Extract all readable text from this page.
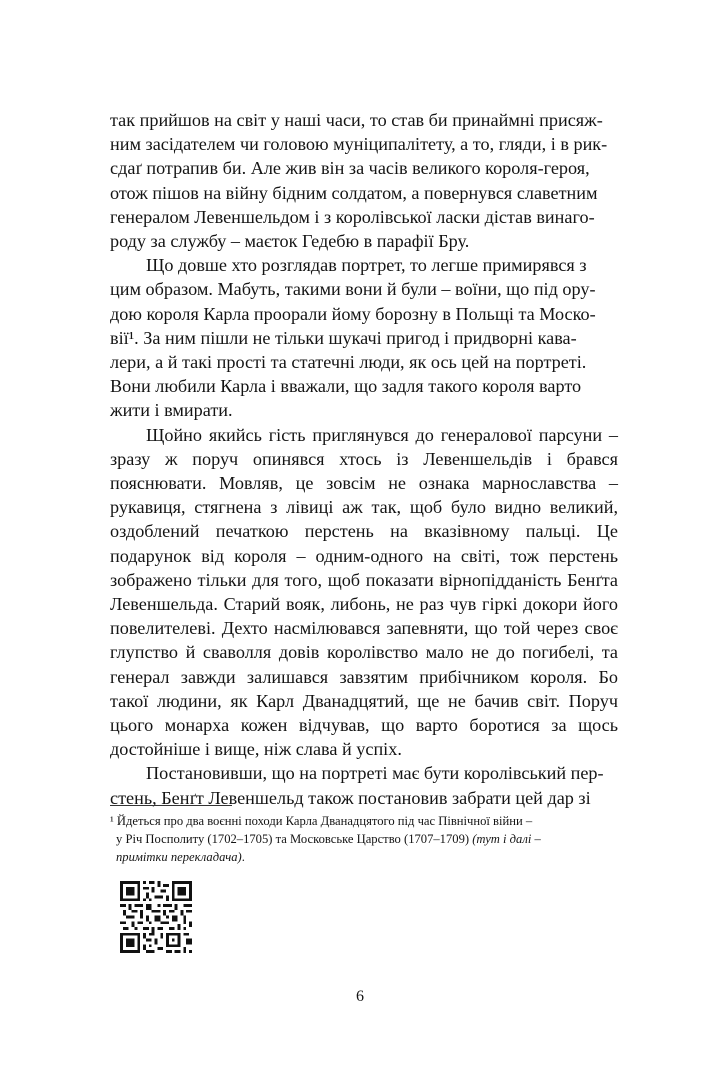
так прийшов на світ у наші часи, то став би принаймні присяж-
ним засідателем чи головою муніципалітету, а то, гляди, і в рик-
сдаґ потрапив би. Але жив він за часів великого короля-героя,
отож пішов на війну бідним солдатом, а повернувся славетним
генералом Левеншельдом і з королівської ласки дістав винаго-
роду за службу – маєток Гедебю в парафії Бру.

Що довше хто розглядав портрет, то легше примирявся з
цим образом. Мабуть, такими вони й були – воїни, що під ору-
дою короля Карла проорали йому борозну в Польщі та Моско-
вії¹. За ним пішли не тільки шукачі пригод і придворні кава-
лери, а й такі прості та статечні люди, як ось цей на портреті.
Вони любили Карла і вважали, що задля такого короля варто
жити і вмирати.

Щойно якийсь гість приглянувся до генералової парсуни – зразу ж поруч опинявся хтось із Левеншельдів і брався пояснювати. Мовляв, це зовсім не ознака марнославства – рукавиця, стягнена з лівиці аж так, щоб було видно великий, оздоблений печаткою перстень на вказівному пальці. Це подарунок від короля – одним-одного на світі, тож перстень зображено тільки для того, щоб показати вірнопідданість Бенґта Левеншельда. Старий вояк, либонь, не раз чув гіркі докори його повелителеві. Дехто насмілювався запевняти, що той через своє глупство й сваволля довів королівство мало не до погибелі, та генерал завжди залишався завзятим прибічником короля. Бо такої людини, як Карл Дванадцятий, ще не бачив світ. Поруч цього монарха кожен відчував, що варто боротися за щось достойніше і вище, ніж слава й успіх.

Постановивши, що на портреті має бути королівський пер-
стень, Бенґт Левеншельд також постановив забрати цей дар зі

¹ Йдеться про два воєнні походи Карла Дванадцятого під час Північної війни –

у Річ Посполиту (1702–1705) та Московське Царство (1707–1709) (тут і далі –
примітки перекладача).
6
